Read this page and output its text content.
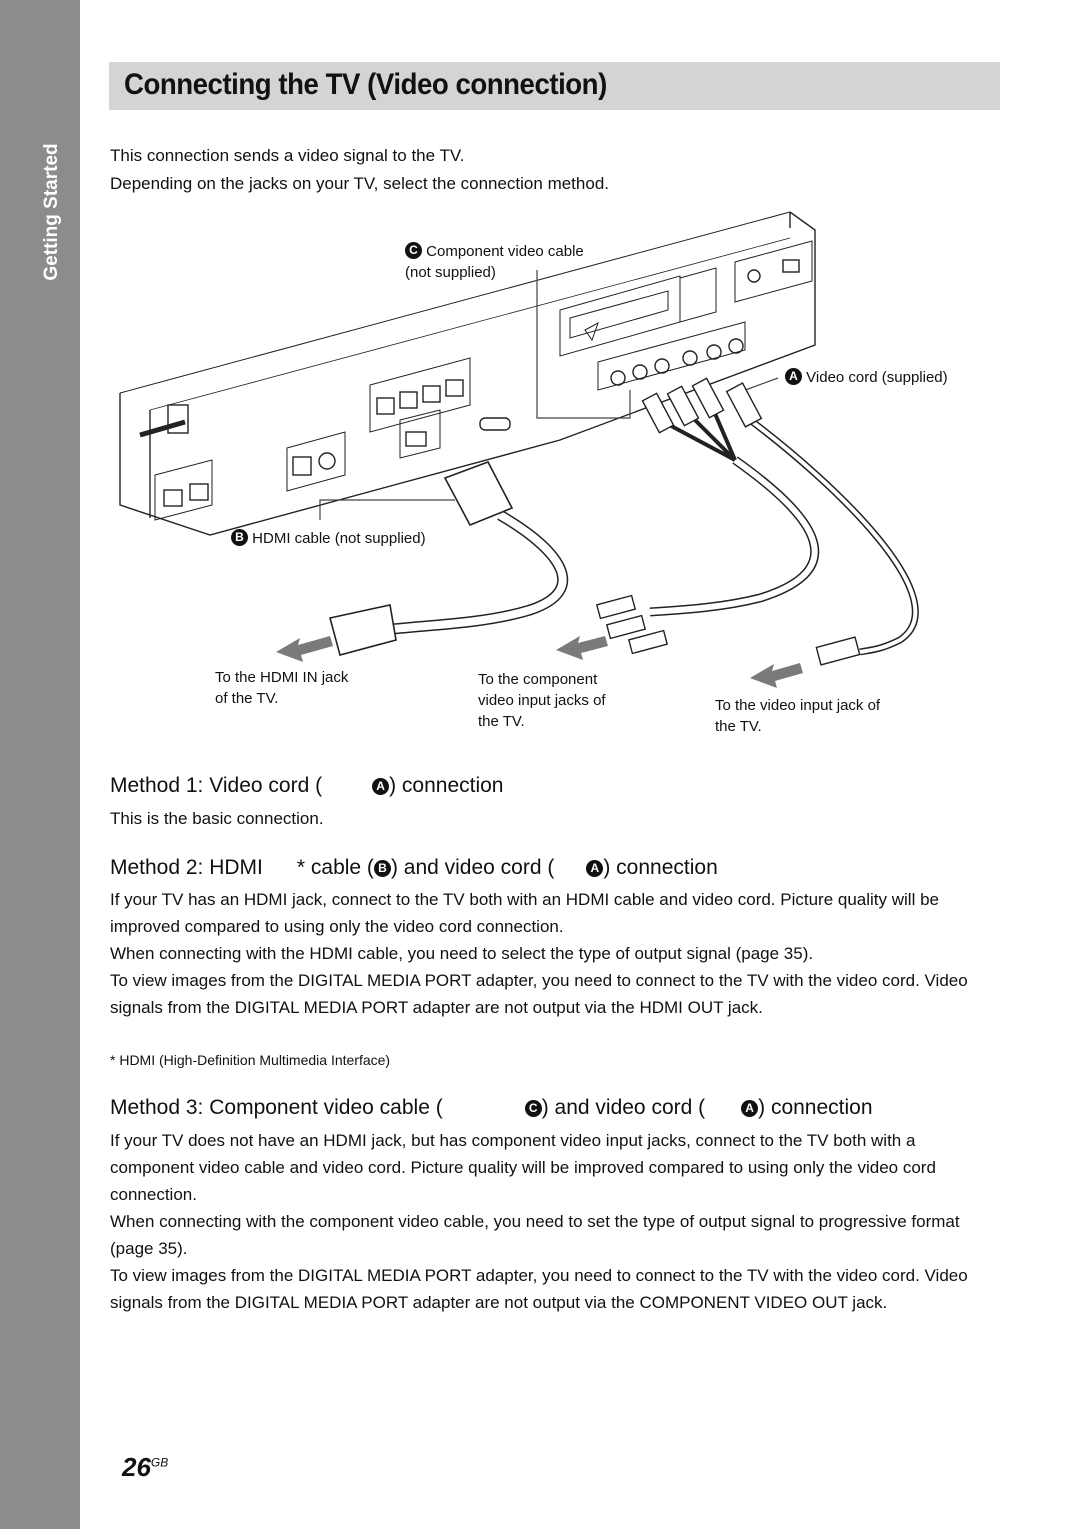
Getting Started
Connecting the TV (Video connection)
This connection sends a video signal to the TV.
Depending on the jacks on your TV, select the connection method.
C Component video cable
(not supplied)
A Video cord (supplied)
B HDMI cable (not supplied)
To the HDMI IN jack
of the TV.
To the component
video input jacks of
the TV.
To the video input jack of
the TV.
Method 1: Video cord (	A ) connection
This is the basic connection.
Method 2: HDMI * cable ( B ) and video cord (	A ) connection

If your TV has an HDMI jack, connect to the TV both with an HDMI cable and video cord. Picture quality will be improved compared to using only the video cord connection.

When connecting with the HDMI cable, you need to select the type of output signal (page 35).

To view images from the DIGITAL MEDIA PORT adapter, you need to connect to the TV with the video cord. Video signals from the DIGITAL MEDIA PORT adapter are not output via the HDMI OUT jack.

* HDMI (High-Definition Multimedia Interface)
Method 3: Component video cable (	C ) and video cord (	A ) connection

If your TV does not have an HDMI jack, but has component video input jacks, connect to the TV both with a component video cable and video cord. Picture quality will be improved compared to using only the video cord connection.

When connecting with the component video cable, you need to set the type of output signal to progressive format (page 35).

To view images from the DIGITAL MEDIA PORT adapter, you need to connect to the TV with the video cord. Video signals from the DIGITAL MEDIA PORT adapter are not output via the COMPONENT VIDEO OUT jack.

$26^{GB}$
